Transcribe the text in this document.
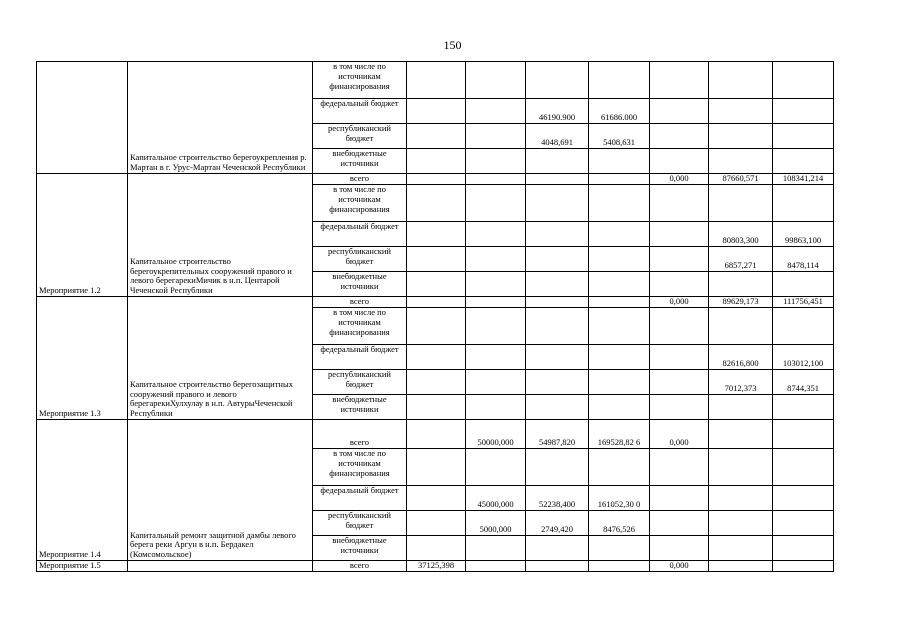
150
	Капитальное строительство берегоукрепления р. Мартан в г. Урус-Мартан Чеченской Республики	в том числе по источникам финансирования							
		федеральный бюджет			46190.900	61686.000			
		республиканский бюджет			4048,691	5408,631			
		внебюджетные источники							
Мероприятие 1.2	Капитальное строительство берегоукрепительных сооружений правого и левого берегарекиМичик в н.п. Центарой Чеченской Республики	всего					0,000	87660,571	108341,214
		в том числе по источникам финансирования							
		федеральный бюджет						80803,300	99863,100
		республиканский бюджет						6857,271	8478,114
		внебюджетные источники							
Мероприятие 1.3	Капитальное строительство берегозащитных сооружений правого и левого берегарекиХулхулау в н.п. АвтурыЧеченской Республики	всего					0,000	89629,173	111756,451
		в том числе по источникам финансирования							
		федеральный бюджет						82616,800	103012,100
		республиканский бюджет						7012,373	8744,351
		внебюджетные источники							
Мероприятие 1.4	Капитальный ремонт защитной дамбы левого берега реки Аргун в н.п. Бердакел (Комсомольское)	всего		50000,000	54987,820	169528,82 6	0,000		
		в том числе по источникам финансирования							
		федеральный бюджет		45000,000	52238,400	161052,30 0			
		республиканский бюджет		5000,000	2749,420	8476,526			
		внебюджетные источники							
Мероприятие 1.5		всего	37125,398				0,000		
